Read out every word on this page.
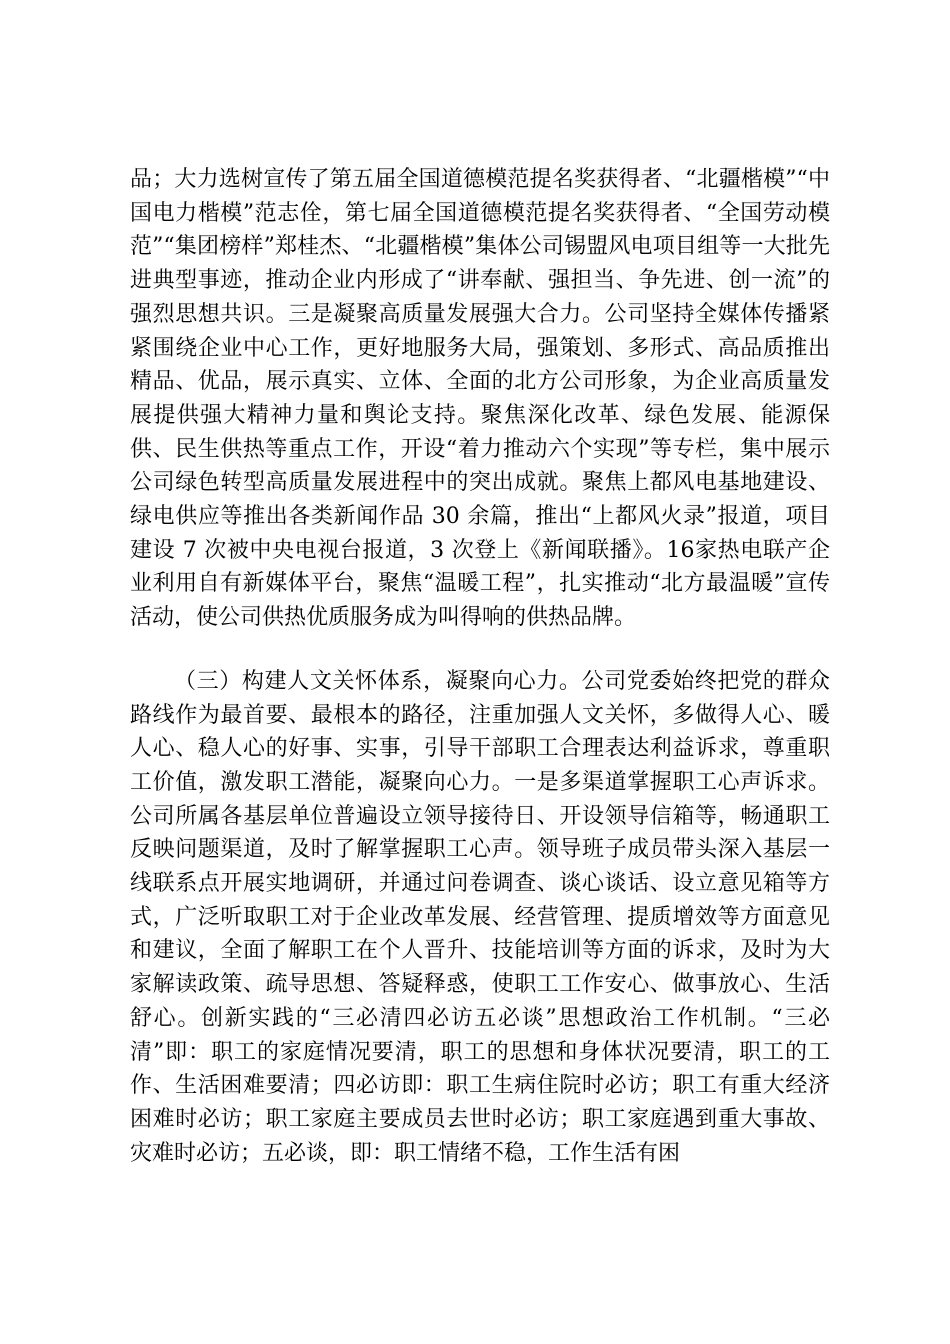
品；大力选树宣传了第五届全国道德模范提名奖获得者、“北疆楷模”“中国电力楷模”范志佺，第七届全国道德模范提名奖获得者、“全国劳动模范”“集团榜样”郑桂杰、“北疆楷模”集体公司锡盟风电项目组等一大批先进典型事迹，推动企业内形成了“讲奉献、强担当、争先进、创一流”的强烈思想共识。三是凝聚高质量发展强大合力。公司坚持全媒体传播紧紧围绕企业中心工作，更好地服务大局，强策划、多形式、高品质推出精品、优品，展示真实、立体、全面的北方公司形象，为企业高质量发展提供强大精神力量和舆论支持。聚焦深化改革、绿色发展、能源保供、民生供热等重点工作，开设“着力推动六个实现”等专栏，集中展示公司绿色转型高质量发展进程中的突出成就。聚焦上都风电基地建设、绿电供应等推出各类新闻作品 30 余篇，推出“上都风火录”报道，项目建设 7 次被中央电视台报道，3 次登上《新闻联播》。16家热电联产企业利用自有新媒体平台，聚焦“温暖工程”，扎实推动“北方最温暖”宣传活动，使公司供热优质服务成为叫得响的供热品牌。

（三）构建人文关怀体系，凝聚向心力。公司党委始终把党的群众路线作为最首要、最根本的路径，注重加强人文关怀，多做得人心、暖人心、稳人心的好事、实事，引导干部职工合理表达利益诉求，尊重职工价值，激发职工潜能，凝聚向心力。一是多渠道掌握职工心声诉求。公司所属各基层单位普遍设立领导接待日、开设领导信箱等，畅通职工反映问题渠道，及时了解掌握职工心声。领导班子成员带头深入基层一线联系点开展实地调研，并通过问卷调查、谈心谈话、设立意见箱等方式，广泛听取职工对于企业改革发展、经营管理、提质增效等方面意见和建议，全面了解职工在个人晋升、技能培训等方面的诉求，及时为大家解读政策、疏导思想、答疑释惑，使职工工作安心、做事放心、生活舒心。创新实践的“三必清四必访五必谈”思想政治工作机制。“三必清”即：职工的家庭情况要清，职工的思想和身体状况要清，职工的工作、生活困难要清；四必访即：职工生病住院时必访；职工有重大经济困难时必访；职工家庭主要成员去世时必访；职工家庭遇到重大事故、灾难时必访；五必谈，即：职工情绪不稳，工作生活有困
